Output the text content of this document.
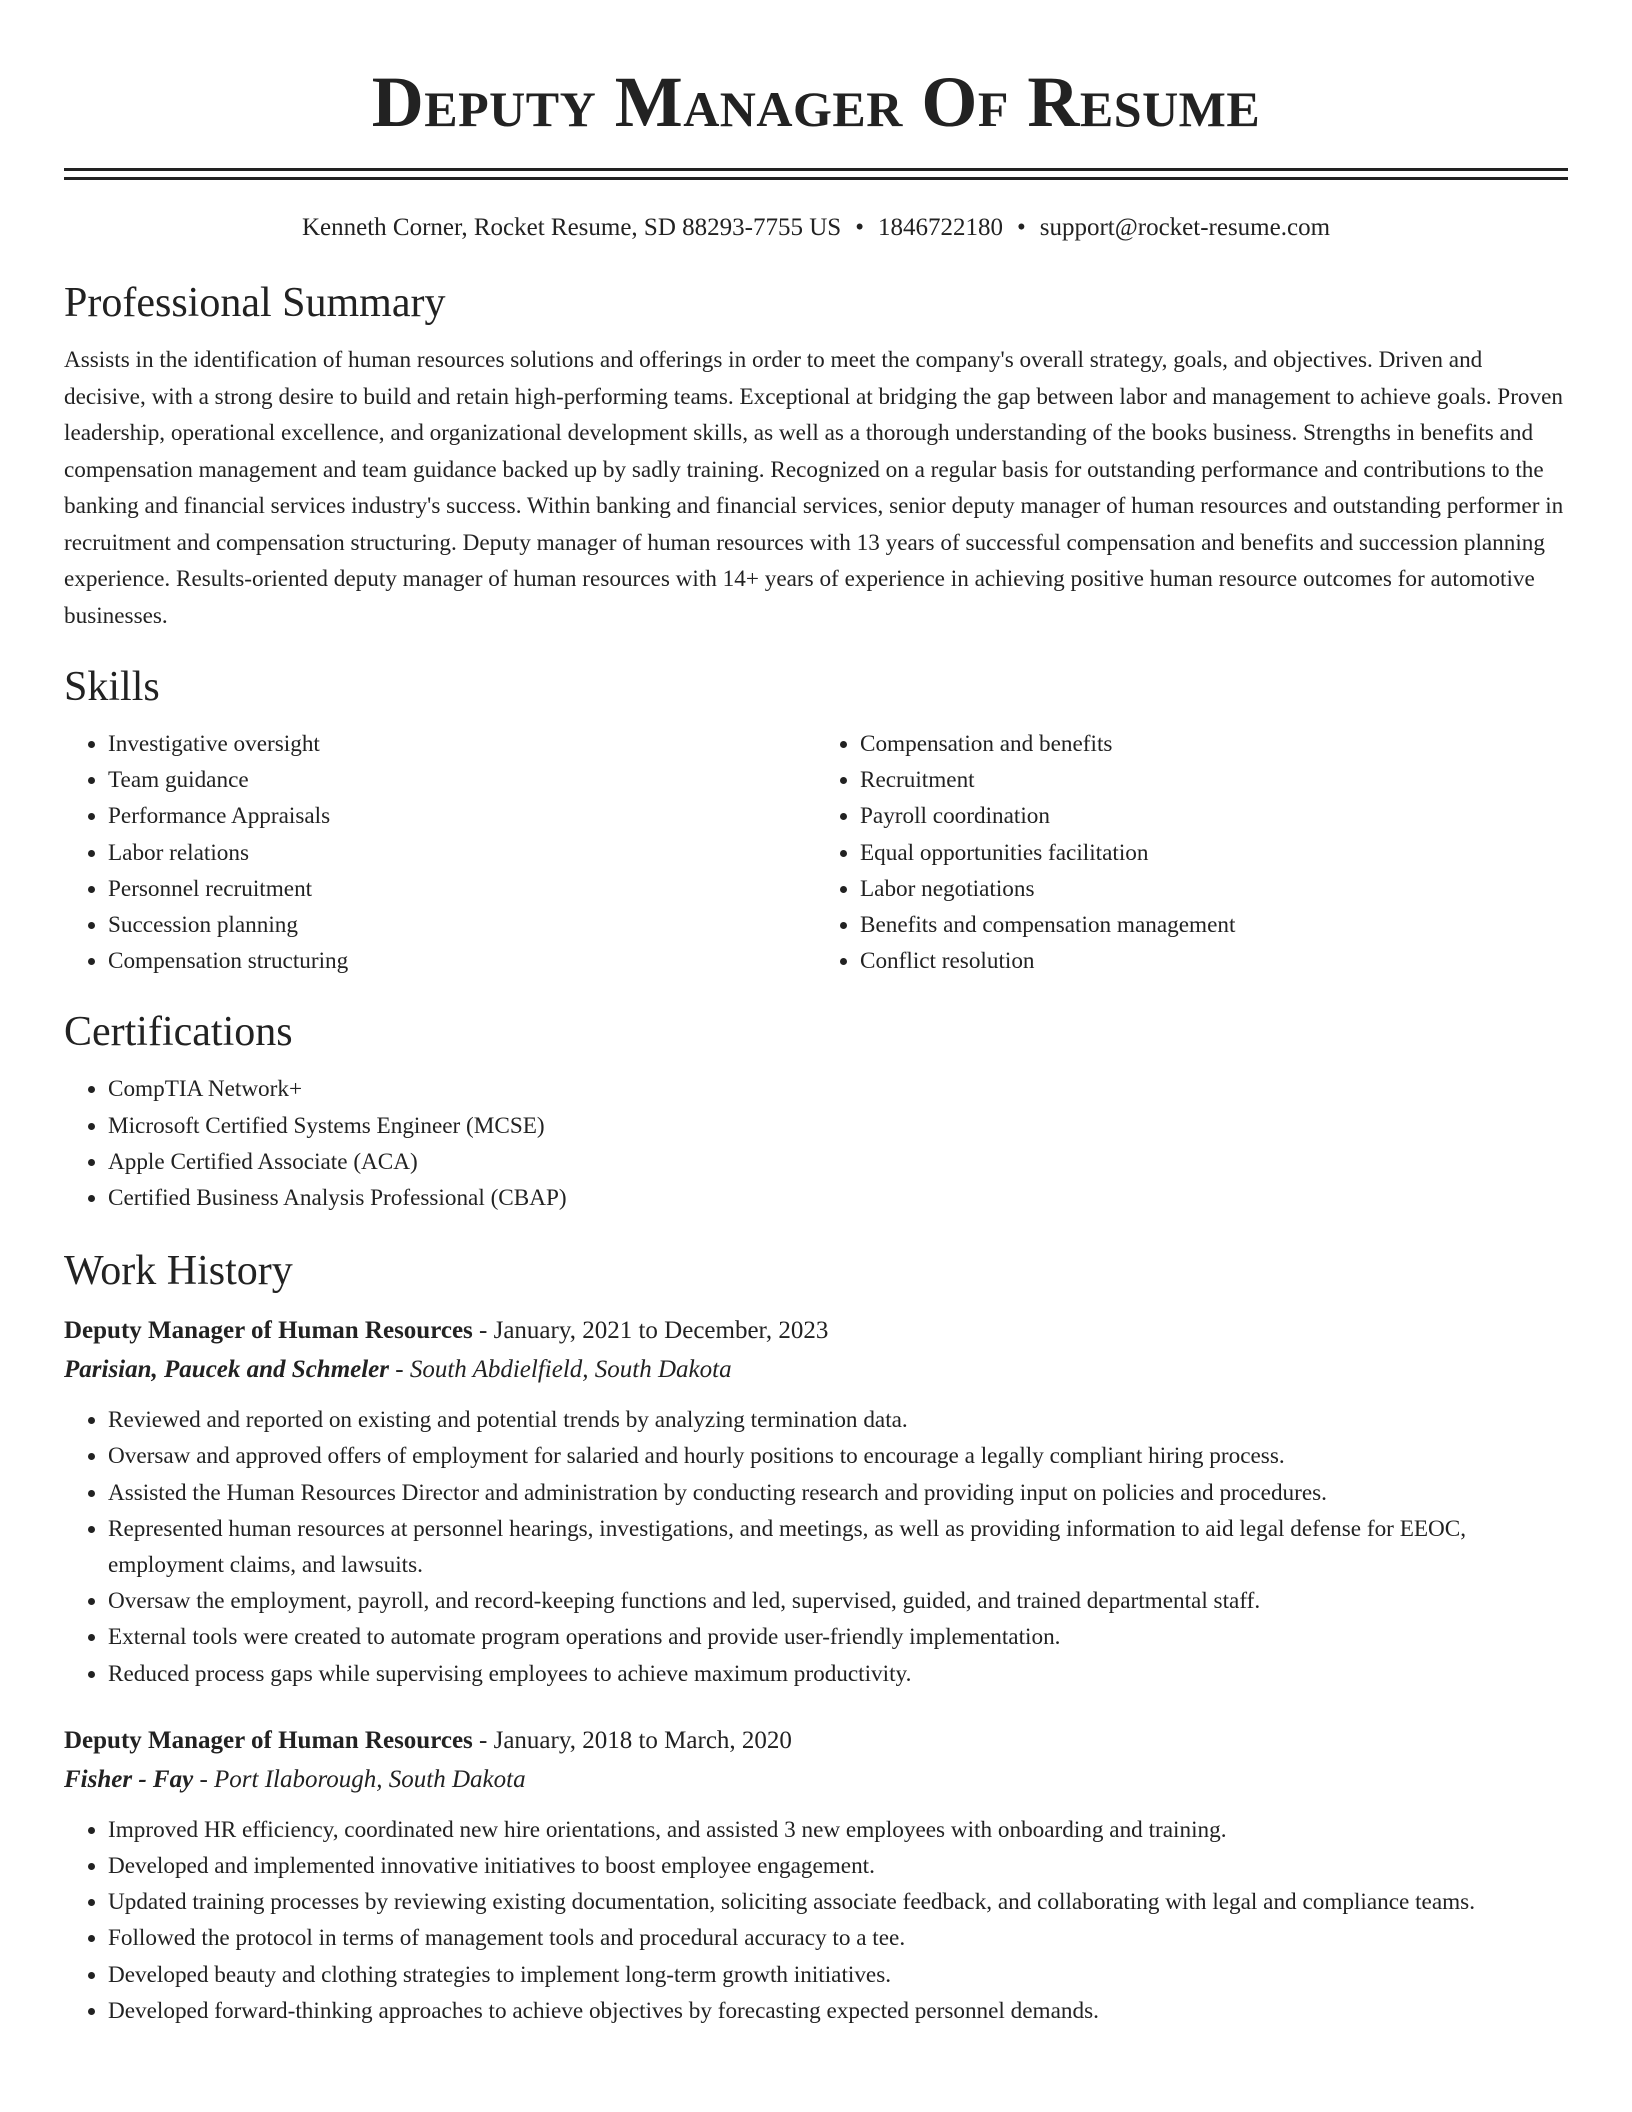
Deputy Manager Of Resume
Kenneth Corner, Rocket Resume, SD 88293-7755 US • 1846722180 • support@rocket-resume.com
Professional Summary
Assists in the identification of human resources solutions and offerings in order to meet the company's overall strategy, goals, and objectives. Driven and decisive, with a strong desire to build and retain high-performing teams. Exceptional at bridging the gap between labor and management to achieve goals. Proven leadership, operational excellence, and organizational development skills, as well as a thorough understanding of the books business. Strengths in benefits and compensation management and team guidance backed up by sadly training. Recognized on a regular basis for outstanding performance and contributions to the banking and financial services industry's success. Within banking and financial services, senior deputy manager of human resources and outstanding performer in recruitment and compensation structuring. Deputy manager of human resources with 13 years of successful compensation and benefits and succession planning experience. Results-oriented deputy manager of human resources with 14+ years of experience in achieving positive human resource outcomes for automotive businesses.
Skills
• Investigative oversight
• Team guidance
• Performance Appraisals
• Labor relations
• Personnel recruitment
• Succession planning
• Compensation structuring
• Compensation and benefits
• Recruitment
• Payroll coordination
• Equal opportunities facilitation
• Labor negotiations
• Benefits and compensation management
• Conflict resolution
Certifications
• CompTIA Network+
• Microsoft Certified Systems Engineer (MCSE)
• Apple Certified Associate (ACA)
• Certified Business Analysis Professional (CBAP)
Work History
Deputy Manager of Human Resources - January, 2021 to December, 2023
Parisian, Paucek and Schmeler - South Abdielfield, South Dakota
• Reviewed and reported on existing and potential trends by analyzing termination data.
• Oversaw and approved offers of employment for salaried and hourly positions to encourage a legally compliant hiring process.
• Assisted the Human Resources Director and administration by conducting research and providing input on policies and procedures.
• Represented human resources at personnel hearings, investigations, and meetings, as well as providing information to aid legal defense for EEOC, employment claims, and lawsuits.
• Oversaw the employment, payroll, and record-keeping functions and led, supervised, guided, and trained departmental staff.
• External tools were created to automate program operations and provide user-friendly implementation.
• Reduced process gaps while supervising employees to achieve maximum productivity.
Deputy Manager of Human Resources - January, 2018 to March, 2020
Fisher - Fay - Port Ilaborough, South Dakota
• Improved HR efficiency, coordinated new hire orientations, and assisted 3 new employees with onboarding and training.
• Developed and implemented innovative initiatives to boost employee engagement.
• Updated training processes by reviewing existing documentation, soliciting associate feedback, and collaborating with legal and compliance teams.
• Followed the protocol in terms of management tools and procedural accuracy to a tee.
• Developed beauty and clothing strategies to implement long-term growth initiatives.
• Developed forward-thinking approaches to achieve objectives by forecasting expected personnel demands.
